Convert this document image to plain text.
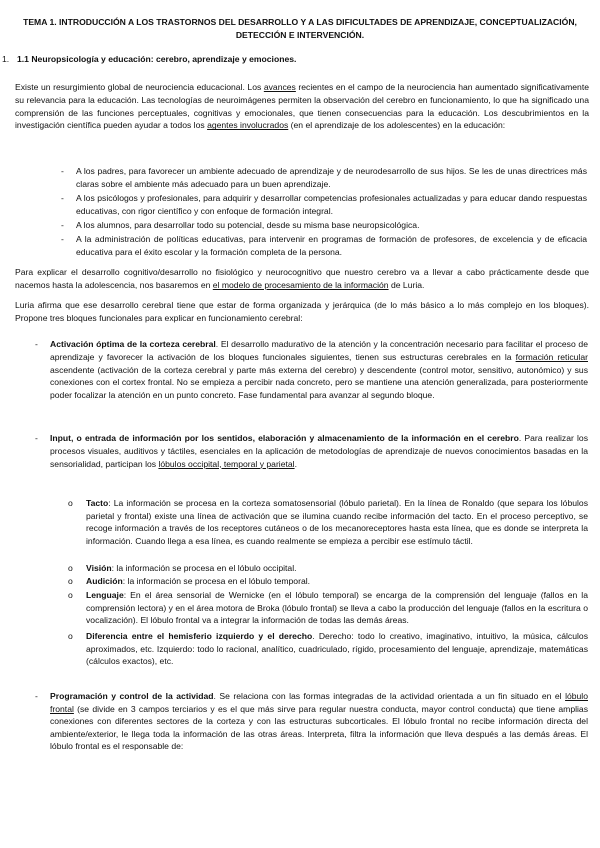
TEMA 1. INTRODUCCIÓN A LOS TRASTORNOS DEL DESARROLLO Y A LAS DIFICULTADES DE APRENDIZAJE, CONCEPTUALIZACIÓN,
DETECCIÓN E INTERVENCIÓN.
1. 1.1 Neuropsicología y educación: cerebro, aprendizaje y emociones.
Existe un resurgimiento global de neurociencia educacional. Los avances recientes en el campo de la neurociencia han aumentado significativamente su relevancia para la educación. Las tecnologías de neuroimágenes permiten la observación del cerebro en funcionamiento, lo que ha significado una comprensión de las funciones perceptuales, cognitivas y emocionales, que tienen consecuencias para la educación. Los descubrimientos en la investigación científica pueden ayudar a todos los agentes involucrados (en el aprendizaje de los adolescentes) en la educación:
- A los padres, para favorecer un ambiente adecuado de aprendizaje y de neurodesarrollo de sus hijos. Se les de unas directrices más claras sobre el ambiente más adecuado para un buen aprendizaje.
- A los psicólogos y profesionales, para adquirir y desarrollar competencias profesionales actualizadas y para educar dando respuestas educativas, con rigor científico y con enfoque de formación integral.
- A los alumnos, para desarrollar todo su potencial, desde su misma base neuropsicológica.
- A la administración de políticas educativas, para intervenir en programas de formación de profesores, de excelencia y de eficacia educativa para el éxito escolar y la formación completa de la persona.
Para explicar el desarrollo cognitivo/desarrollo no fisiológico y neurocognitivo que nuestro cerebro va a llevar a cabo prácticamente desde que nacemos hasta la adolescencia, nos basaremos en el modelo de procesamiento de la información de Luria.
Luria afirma que ese desarrollo cerebral tiene que estar de forma organizada y jerárquica (de lo más básico a lo más complejo en los bloques). Propone tres bloques funcionales para explicar en funcionamiento cerebral:
- Activación óptima de la corteza cerebral. El desarrollo madurativo de la atención y la concentración necesario para facilitar el proceso de aprendizaje y favorecer la activación de los bloques funcionales siguientes, tienen sus estructuras cerebrales en la formación reticular ascendente (activación de la corteza cerebral y parte más externa del cerebro) y descendente (control motor, sensitivo, autonómico) y sus conexiones con el cortex frontal. No se empieza a percibir nada concreto, pero se mantiene una atención generalizada, para posteriormente poder focalizar la atención en un punto concreto. Fase fundamental para avanzar al segundo bloque.
- Input, o entrada de información por los sentidos, elaboración y almacenamiento de la información en el cerebro. Para realizar los procesos visuales, auditivos y táctiles, esenciales en la aplicación de metodologías de aprendizaje de nuevos conocimientos basadas en la sensorialidad, participan los lóbulos occipital, temporal y parietal.
o Tacto: La información se procesa en la corteza somatosensorial (lóbulo parietal). En la línea de Ronaldo (que separa los lóbulos parietal y frontal) existe una línea de activación que se ilumina cuando recibe información del tacto. En el proceso perceptivo, se recoge información a través de los receptores cutáneos o de los mecanoreceptores hasta esta línea, que es donde se interpreta la información. Cuando llega a esa línea, es cuando realmente se empieza a percibir ese estímulo táctil.
o Visión: la información se procesa en el lóbulo occipital.
o Audición: la información se procesa en el lóbulo temporal.
o Lenguaje: En el área sensorial de Wernicke (en el lóbulo temporal) se encarga de la comprensión del lenguaje (fallos en la comprensión lectora) y en el área motora de Broka (lóbulo frontal) se lleva a cabo la producción del lenguaje (fallos en la escritura o vocalización). El lóbulo frontal va a integrar la información de todas las demás áreas.
o Diferencia entre el hemisferio izquierdo y el derecho. Derecho: todo lo creativo, imaginativo, intuitivo, la música, cálculos aproximados, etc. Izquierdo: todo lo racional, analítico, cuadriculado, rígido, procesamiento del lenguaje, aprendizaje, matemáticas (cálculos exactos), etc.
- Programación y control de la actividad. Se relaciona con las formas integradas de la actividad orientada a un fin situado en el lóbulo frontal (se divide en 3 campos terciarios y es el que más sirve para regular nuestra conducta, mayor control conducta) que tiene amplias conexiones con diferentes sectores de la corteza y con las estructuras subcorticales. El lóbulo frontal no recibe información directa del ambiente/exterior, le llega toda la información de las otras áreas. Interpreta, filtra la información que lleva después a las demás áreas. El lóbulo frontal es el responsable de:
